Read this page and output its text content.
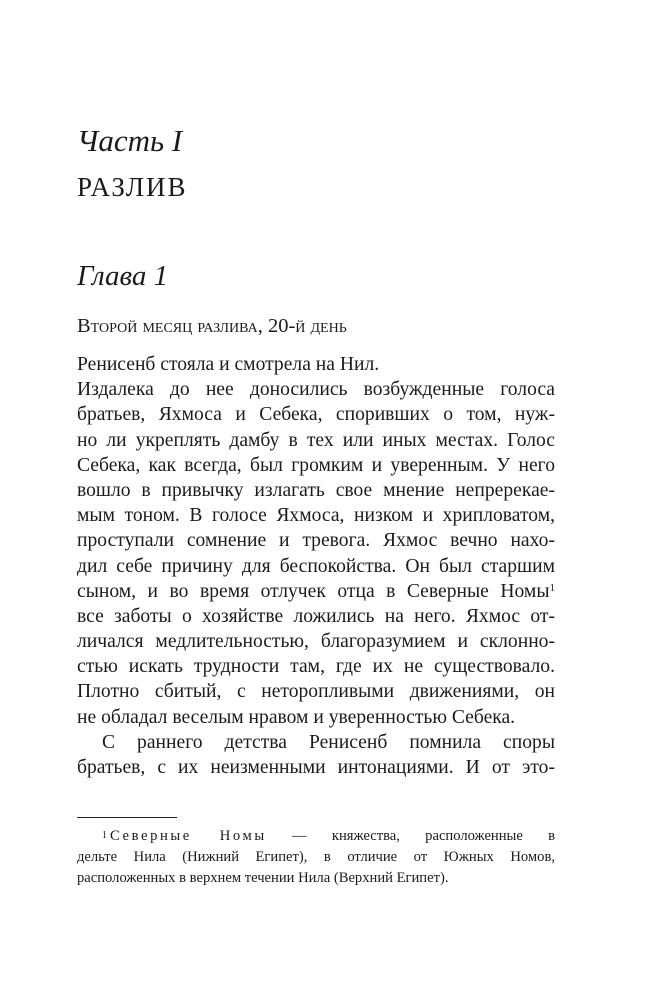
Часть I
РАЗЛИВ
Глава 1
Второй месяц разлива, 20-й день
Ренисенб стояла и смотрела на Нил.
Издалека до нее доносились возбужденные голоса
братьев, Яхмоса и Себека, споривших о том, нуж-
но ли укреплять дамбу в тех или иных местах. Голос
Себека, как всегда, был громким и уверенным. У него
вошло в привычку излагать свое мнение непререкае-
мым тоном. В голосе Яхмоса, низком и хрипловатом,
проступали сомнение и тревога. Яхмос вечно нахо-
дил себе причину для беспокойства. Он был старшим
сыном, и во время отлучек отца в Северные Номы$^1$
все заботы о хозяйстве ложились на него. Яхмос от-
личался медлительностью, благоразумием и склонно-
стью искать трудности там, где их не существовало.
Плотно сбитый, с неторопливыми движениями, он
не обладал веселым нравом и уверенностью Себека.
С раннего детства Ренисенб помнила споры
братьев, с их неизменными интонациями. И от это-
$^1$ Северные Номы — княжества, расположенные в
дельте Нила (Нижний Египет), в отличие от Южных Номов,
расположенных в верхнем течении Нила (Верхний Египет).
